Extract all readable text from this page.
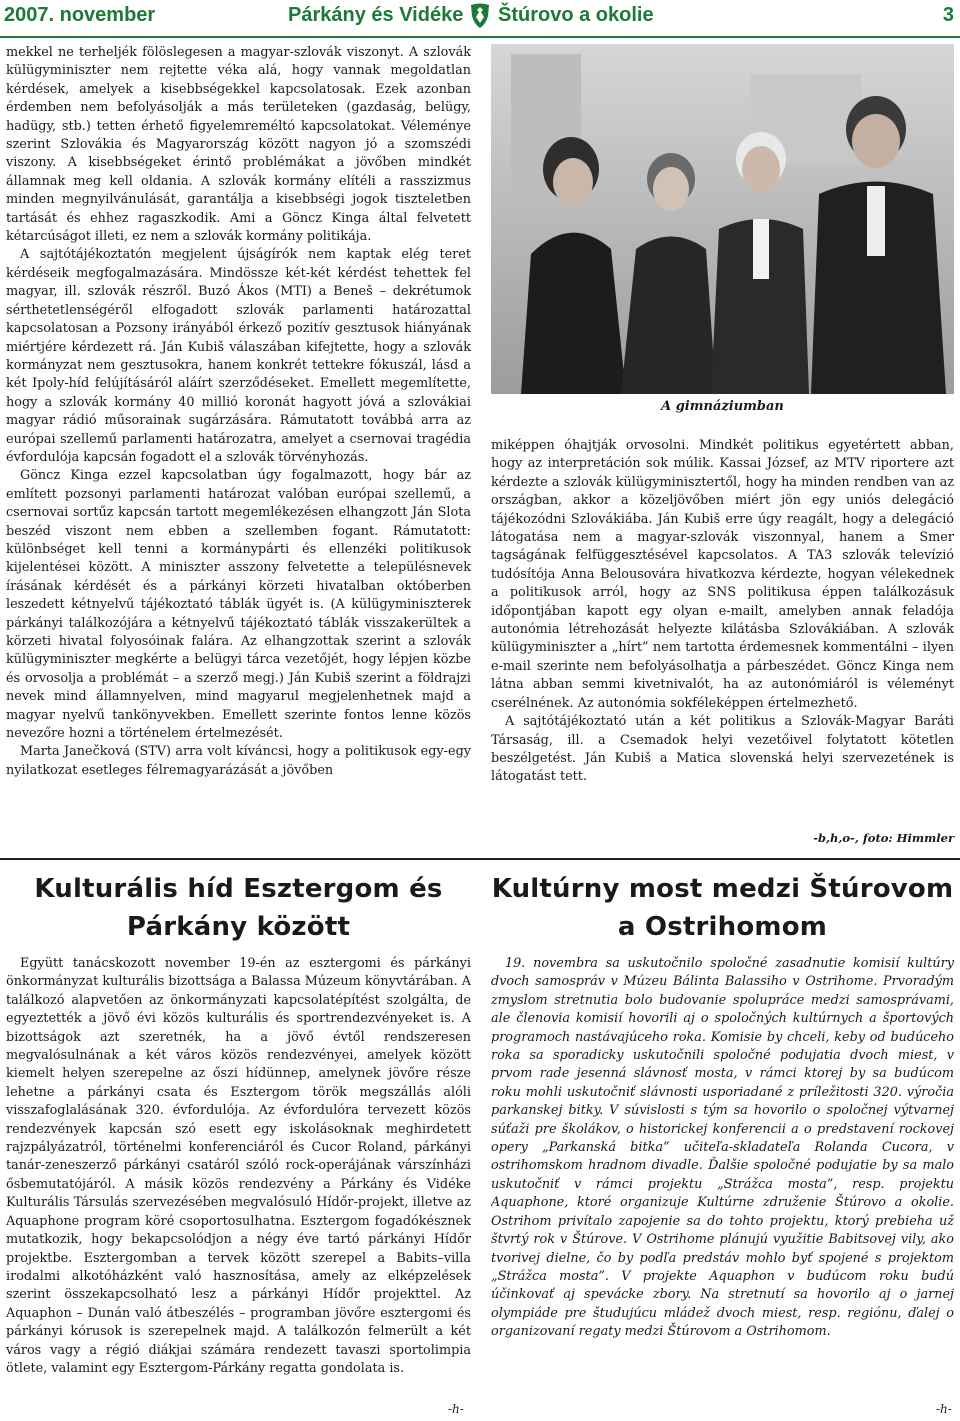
2007. november	Párkány és Vidéke Štúrovo a okolie	3

mekkel ne terheljék fölöslegesen a magyar-szlovák viszonyt. A szlovák külügyminiszter nem rejtette véka alá, hogy vannak megoldatlan kérdések, amelyek a kisebbségekkel kapcsolatosak. Ezek azonban érdemben nem befolyásolják a más területeken (gazdaság, belügy, hadügy, stb.) tetten érhető figyelemreméltó kapcsolatokat. Véleménye szerint Szlovákia és Magyarország között nagyon jó a szomszédi viszony. A kisebbségeket érintő problémákat a jövőben mindkét államnak meg kell oldania. A szlovák kormány elítéli a rasszizmus minden megnyilvánulását, garantálja a kisebbségi jogok tiszteletben tartását és ehhez ragaszkodik. Ami a Göncz Kinga által felvetett kétarcúságot illeti, ez nem a szlovák kormány politikája.

A sajtótájékoztatón megjelent újságírók nem kaptak elég teret kérdéseik megfogalmazására. Mindössze két-két kérdést tehettek fel magyar, ill. szlovák részről. Buzó Ákos (MTI) a Beneš – dekrétumok sérthetetlenségéről elfogadott szlovák parlamenti határozattal kapcsolatosan a Pozsony irányából érkező pozitív gesztusok hiányának miértjére kérdezett rá. Ján Kubiš válaszában kifejtette, hogy a szlovák kormányzat nem gesztusokra, hanem konkrét tettekre fókuszál, lásd a két Ipoly-híd felújításáról aláírt szerződéseket. Emellett megemlítette, hogy a szlovák kormány 40 millió koronát hagyott jóvá a szlovákiai magyar rádió műsorainak sugárzására. Rámutatott továbbá arra az európai szellemű parlamenti határozatra, amelyet a csernovai tragédia évfordulója kapcsán fogadott el a szlovák törvényhozás.

Göncz Kinga ezzel kapcsolatban úgy fogalmazott, hogy bár az említett pozsonyi parlamenti határozat valóban európai szellemű, a csernovai sortűz kapcsán tartott megemlékezésen elhangzott Ján Slota beszéd viszont nem ebben a szellemben fogant. Rámutatott: különbséget kell tenni a kormánypárti és ellenzéki politikusok kijelentései között. A miniszter asszony felvetette a településnevek írásának kérdését és a párkányi körzeti hivatalban októberben leszedett kétnyelvű tájékoztató táblák ügyét is. (A külügyminiszterek párkányi találkozójára a kétnyelvű tájékoztató táblák visszakerültek a körzeti hivatal folyosóinak falára. Az elhangzottak szerint a szlovák külügyminiszter megkérte a belügyi tárca vezetőjét, hogy lépjen közbe és orvosolja a problémát – a szerző megj.) Ján Kubiš szerint a földrajzi nevek mind államnyelven, mind magyarul megjelenhetnek majd a magyar nyelvű tankönyvekben. Emellett szerinte fontos lenne közös nevezőre hozni a történelem értelmezését.

Marta Janečková (STV) arra volt kíváncsi, hogy a politikusok egy-egy nyilatkozat esetleges félremagyarázását a jövőben

A gimnáziumban

miképpen óhajtják orvosolni. Mindkét politikus egyetértett abban, hogy az interpretáción sok múlik. Kassai József, az MTV riportere azt kérdezte a szlovák külügyminisztertől, hogy ha minden rendben van az országban, akkor a közeljövőben miért jön egy uniós delegáció tájékozódni Szlovákiába. Ján Kubiš erre úgy reagált, hogy a delegáció látogatása nem a magyar-szlovák viszonnyal, hanem a Smer tagságának felfüggesztésével kapcsolatos. A TA3 szlovák televízió tudósítója Anna Belousovára hivatkozva kérdezte, hogyan vélekednek a politikusok arról, hogy az SNS politikusa éppen találkozásuk időpontjában kapott egy olyan e-mailt, amelyben annak feladója autonómia létrehozását helyezte kilátásba Szlovákiában. A szlovák külügyminiszter a „hírt” nem tartotta érdemesnek kommentálni – ilyen e-mail szerinte nem befolyásolhatja a párbeszédet. Göncz Kinga nem látna abban semmi kivetnivalót, ha az autonómiáról is véleményt cserélnének. Az autonómia sokféleképpen értelmezhető.

A sajtótájékoztató után a két politikus a Szlovák-Magyar Baráti Társaság, ill. a Csemadok helyi vezetőivel folytatott kötetlen beszélgetést. Ján Kubiš a Matica slovenská helyi szervezetének is látogatást tett.

-b,h,o-, foto: Himmler
Kulturális híd Esztergom és Párkány között
Kultúrny most medzi Štúrovom a Ostrihomom

Együtt tanácskozott november 19-én az esztergomi és párkányi önkormányzat kulturális bizottsága a Balassa Múzeum könyvtárában. A találkozó alapvetően az önkormányzati kapcsolatépítést szolgálta, de egyeztették a jövő évi közös kulturális és sportrendezvényeket is. A bizottságok azt szeretnék, ha a jövő évtől rendszeresen megvalósulnának a két város közös rendezvényei, amelyek között kiemelt helyen szerepelne az őszi hídünnep, amelynek jövőre része lehetne a párkányi csata és Esztergom török megszállás alóli visszafoglalásának 320. évfordulója. Az évfordulóra tervezett közös rendezvények kapcsán szó esett egy iskolásoknak meghirdetett rajzpályázatról, történelmi konferenciáról és Cucor Roland, párkányi tanár-zeneszerző párkányi csatáról szóló rock-operájának várszínházi ősbemutatójáról. A másik közös rendezvény a Párkány és Vidéke Kulturális Társulás szervezésében megvalósuló Hídőr-projekt, illetve az Aquaphone program köré csoportosulhatna. Esztergom fogadókésznek mutatkozik, hogy bekapcsolódjon a négy éve tartó párkányi Hídőr projektbe. Esztergomban a tervek között szerepel a Babits–villa irodalmi alkotóházként való hasznosítása, amely az elképzelések szerint összekapcsolható lesz a párkányi Hídőr projekttel. Az Aquaphon – Dunán való átbeszélés – programban jövőre esztergomi és párkányi kórusok is szerepelnek majd. A találkozón felmerült a két város vagy a régió diákjai számára rendezett tavaszi sportolimpia ötlete, valamint egy Esztergom-Párkány regatta gondolata is.

-h-

19. novembra sa uskutočnilo spoločné zasadnutie komisií kultúry dvoch samospráv v Múzeu Bálinta Balassiho v Ostrihome. Prvoradým zmyslom stretnutia bolo budovanie spolupráce medzi samosprávami, ale členovia komisií hovorili aj o spoločných kultúrnych a športových programoch nastávajúceho roka. Komisie by chceli, keby od budúceho roka sa sporadicky uskutočnili spoločné podujatia dvoch miest, v prvom rade jesenná slávnosť mosta, v rámci ktorej by sa budúcom roku mohli uskutočniť slávnosti usporiadané z príležitosti 320. výročia parkanskej bitky. V súvislosti s tým sa hovorilo o spoločnej výtvarnej súťaži pre školákov, o historickej konferencii a o predstavení rockovej opery „Parkanská bitka” učiteľa-skladateľa Rolanda Cucora, v ostrihomskom hradnom divadle. Ďalšie spoločné podujatie by sa malo uskutočniť v rámci projektu „Strážca mosta”, resp. projektu Aquaphone, ktoré organizuje Kultúrne združenie Štúrovo a okolie. Ostrihom privítalo zapojenie sa do tohto projektu, ktorý prebieha už štvrtý rok v Štúrove. V Ostrihome plánujú využitie Babitsovej vily, ako tvorivej dielne, čo by podľa predstáv mohlo byť spojené s projektom „Strážca mosta”. V projekte Aquaphon v budúcom roku budú účinkovať aj spevácke zbory. Na stretnutí sa hovorilo aj o jarnej olympiáde pre študujúcu mládež dvoch miest, resp. regiónu, ďalej o organizovaní regaty medzi Štúrovom a Ostrihomom.

-h-
